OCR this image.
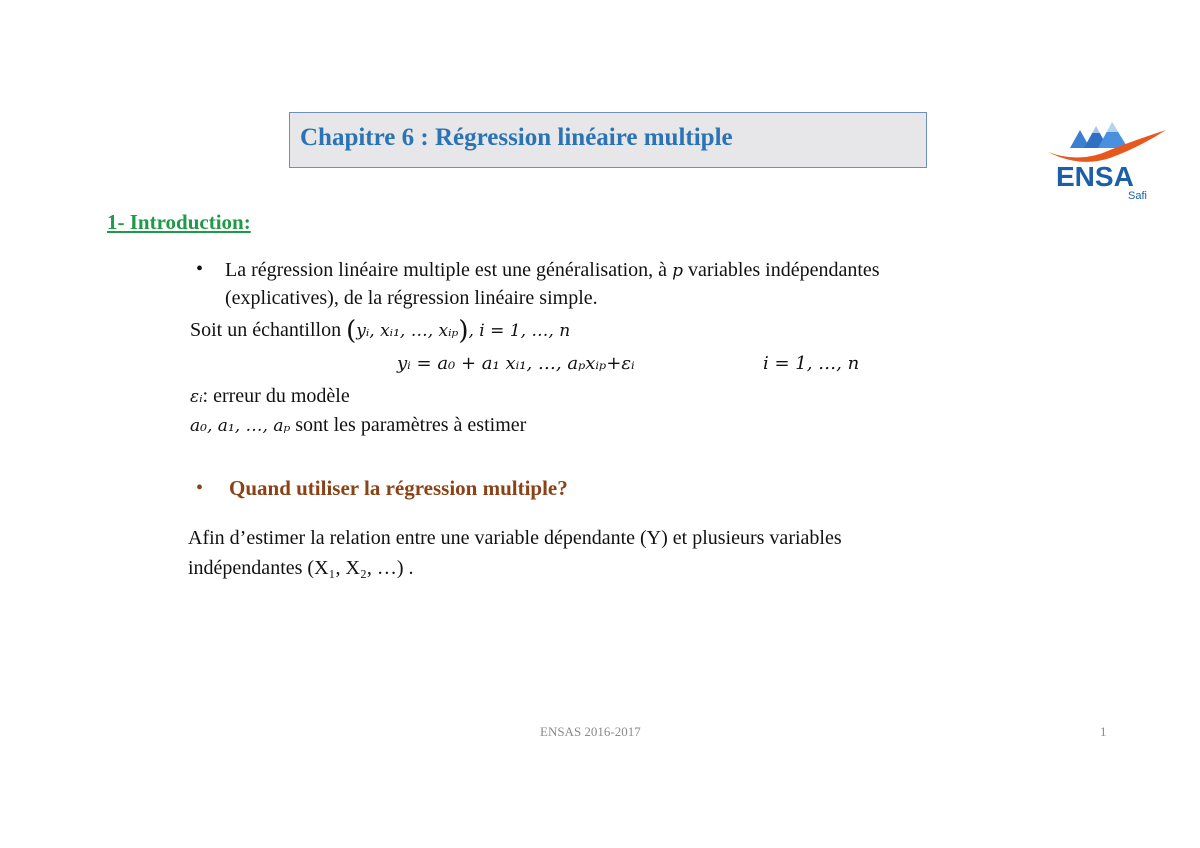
Chapitre 6 : Régression linéaire multiple
ENSA
Safi
1- Introduction:
• La régression linéaire multiple est une généralisation, à p variables indépendantes
(explicatives), de la régression linéaire simple.
Soit un échantillon (yᵢ, xᵢ₁, …, xᵢₚ), i = 1, …, n
yᵢ = a₀ + a₁ xᵢ₁, …, aₚxᵢₚ+εᵢ	i = 1, …, n
εᵢ: erreur du modèle
a₀, a₁, …, aₚ sont les paramètres à estimer
• Quand utiliser la régression multiple?
Afin d’estimer la relation entre une variable dépendante (Y) et plusieurs variables
indépendantes (X₁, X₂, …) .
ENSAS 2016-2017	1
